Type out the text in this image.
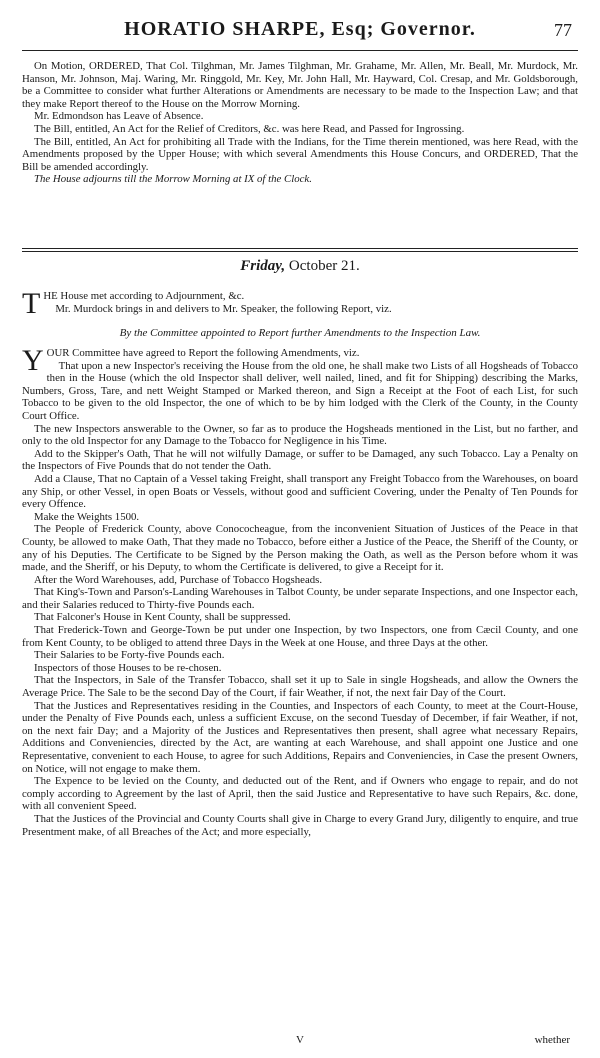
HORATIO SHARPE, Esq; Governor.	77

On Motion, ORDERED, That Col. Tilghman, Mr. James Tilghman, Mr. Grahame, Mr. Allen, Mr. Beall, Mr. Murdock, Mr. Hanson, Mr. Johnson, Maj. Waring, Mr. Ringgold, Mr. Key, Mr. John Hall, Mr. Hayward, Col. Cresap, and Mr. Goldsborough, be a Committee to consider what further Alterations or Amendments are necessary to be made to the Inspection Law; and that they make Report thereof to the House on the Morrow Morning.

Mr. Edmondson has Leave of Absence.

The Bill, entitled, An Act for the Relief of Creditors, &c. was here Read, and Passed for Ingrossing.

The Bill, entitled, An Act for prohibiting all Trade with the Indians, for the Time therein mentioned, was here Read, with the Amendments proposed by the Upper House; with which several Amendments this House Concurs, and ORDERED, That the Bill be amended accordingly.

The House adjourns till the Morrow Morning at IX of the Clock.

Friday, October 21.
T HE House met according to Adjournment, &c.

Mr. Murdock brings in and delivers to Mr. Speaker, the following Report, viz.

By the Committee appointed to Report further Amendments to the Inspection Law.
Y OUR Committee have agreed to Report the following Amendments, viz.

That upon a new Inspector's receiving the House from the old one, he shall make two Lists of all Hogsheads of Tobacco then in the House (which the old Inspector shall deliver, well nailed, lined, and fit for Shipping) describing the Marks, Numbers, Gross, Tare, and nett Weight Stamped or Marked thereon, and Sign a Receipt at the Foot of each List, for such Tobacco to be given to the old Inspector, the one of which to be by him lodged with the Clerk of the County, in the County Court Office.

The new Inspectors answerable to the Owner, so far as to produce the Hogsheads mentioned in the List, but no farther, and only to the old Inspector for any Damage to the Tobacco for Negligence in his Time.

Add to the Skipper's Oath, That he will not wilfully Damage, or suffer to be Damaged, any such Tobacco. Lay a Penalty on the Inspectors of Five Pounds that do not tender the Oath.

Add a Clause, That no Captain of a Vessel taking Freight, shall transport any Freight Tobacco from the Warehouses, on board any Ship, or other Vessel, in open Boats or Vessels, without good and sufficient Covering, under the Penalty of Ten Pounds for every Offence.

Make the Weights 1500.

The People of Frederick County, above Conococheague, from the inconvenient Situation of Justices of the Peace in that County, be allowed to make Oath, That they made no Tobacco, before either a Justice of the Peace, the Sheriff of the County, or any of his Deputies. The Certificate to be Signed by the Person making the Oath, as well as the Person before whom it was made, and the Sheriff, or his Deputy, to whom the Certificate is delivered, to give a Receipt for it.

After the Word Warehouses, add, Purchase of Tobacco Hogsheads.

That King's-Town and Parson's-Landing Warehouses in Talbot County, be under separate Inspections, and one Inspector each, and their Salaries reduced to Thirty-five Pounds each.

That Falconer's House in Kent County, shall be suppressed.

That Frederick-Town and George-Town be put under one Inspection, by two Inspectors, one from Cæcil County, and one from Kent County, to be obliged to attend three Days in the Week at one House, and three Days at the other.

Their Salaries to be Forty-five Pounds each.

Inspectors of those Houses to be re-chosen.

That the Inspectors, in Sale of the Transfer Tobacco, shall set it up to Sale in single Hogsheads, and allow the Owners the Average Price. The Sale to be the second Day of the Court, if fair Weather, if not, the next fair Day of the Court.

That the Justices and Representatives residing in the Counties, and Inspectors of each County, to meet at the Court-House, under the Penalty of Five Pounds each, unless a sufficient Excuse, on the second Tuesday of December, if fair Weather, if not, on the next fair Day; and a Majority of the Justices and Representatives then present, shall agree what necessary Repairs, Additions and Conveniencies, directed by the Act, are wanting at each Warehouse, and shall appoint one Justice and one Representative, convenient to each House, to agree for such Additions, Repairs and Conveniencies, in Case the present Owners, on Notice, will not engage to make them.

The Expence to be levied on the County, and deducted out of the Rent, and if Owners who engage to repair, and do not comply according to Agreement by the last of April, then the said Justice and Representative to have such Repairs, &c. done, with all convenient Speed.

That the Justices of the Provincial and County Courts shall give in Charge to every Grand Jury, diligently to enquire, and true Presentment make, of all Breaches of the Act; and more especially,

V	whether
